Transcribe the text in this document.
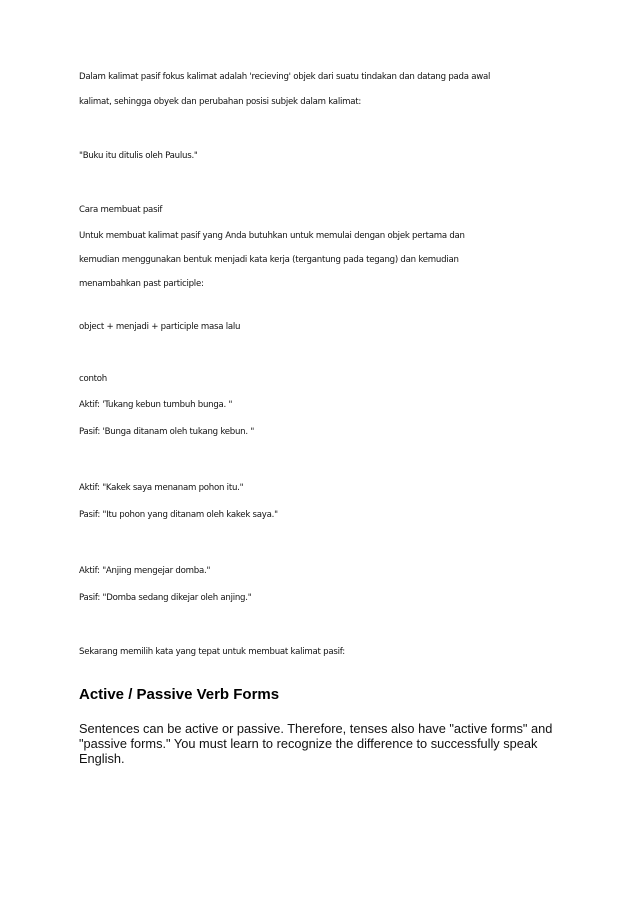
Dalam kalimat pasif fokus kalimat adalah 'recieving' objek dari suatu tindakan dan datang pada awal

kalimat, sehingga obyek dan perubahan posisi subjek dalam kalimat:

"Buku itu ditulis oleh Paulus."

Cara membuat pasif

Untuk membuat kalimat pasif yang Anda butuhkan untuk memulai dengan objek pertama dan

kemudian menggunakan bentuk menjadi kata kerja (tergantung pada tegang) dan kemudian

menambahkan past participle:

object + menjadi + participle masa lalu

contoh

Aktif: 'Tukang kebun tumbuh bunga. "

Pasif: 'Bunga ditanam oleh tukang kebun. "

Aktif: "Kakek saya menanam pohon itu."

Pasif: "Itu pohon yang ditanam oleh kakek saya."

Aktif: "Anjing mengejar domba."

Pasif: "Domba sedang dikejar oleh anjing."

Sekarang memilih kata yang tepat untuk membuat kalimat pasif:

Active / Passive Verb Forms

Sentences can be active or passive. Therefore, tenses also have "active forms" and

"passive forms." You must learn to recognize the difference to successfully speak

English.
